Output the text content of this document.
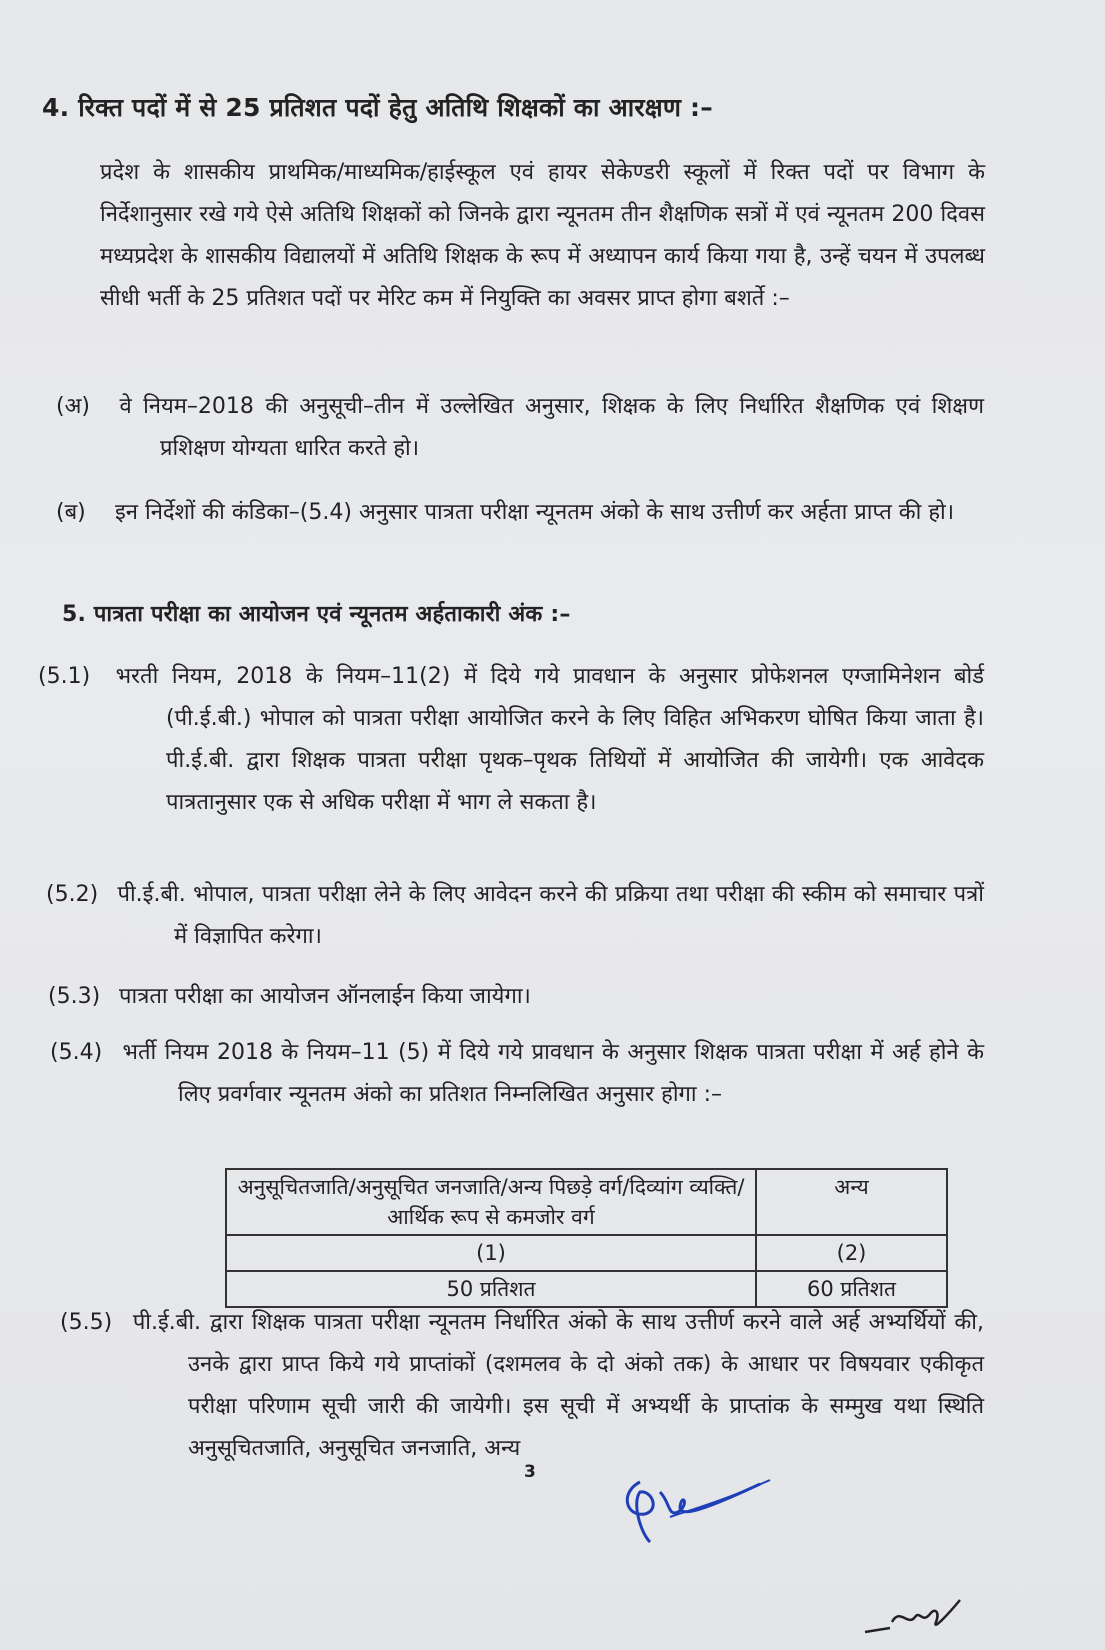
4. रिक्त पदों में से 25 प्रतिशत पदों हेतु अतिथि शिक्षकों का आरक्षण :–
प्रदेश के शासकीय प्राथमिक/माध्यमिक/हाईस्कूल एवं हायर सेकेण्डरी स्कूलों में रिक्त पदों पर विभाग के निर्देशानुसार रखे गये ऐसे अतिथि शिक्षकों को जिनके द्वारा न्यूनतम तीन शैक्षणिक सत्रों में एवं न्यूनतम 200 दिवस मध्यप्रदेश के शासकीय विद्यालयों में अतिथि शिक्षक के रूप में अध्यापन कार्य किया गया है, उन्हें चयन में उपलब्ध सीधी भर्ती के 25 प्रतिशत पदों पर मेरिट कम में नियुक्ति का अवसर प्राप्त होगा बशर्ते :–
(अ) वे नियम–2018 की अनुसूची–तीन में उल्लेखित अनुसार, शिक्षक के लिए निर्धारित शैक्षणिक एवं शिक्षण प्रशिक्षण योग्यता धारित करते हो।
(ब) इन निर्देशों की कंडिका–(5.4) अनुसार पात्रता परीक्षा न्यूनतम अंको के साथ उत्तीर्ण कर अर्हता प्राप्त की हो।
5. पात्रता परीक्षा का आयोजन एवं न्यूनतम अर्हताकारी अंक :–
(5.1) भरती नियम, 2018 के नियम–11(2) में दिये गये प्रावधान के अनुसार प्रोफेशनल एग्जामिनेशन बोर्ड (पी.ई.बी.) भोपाल को पात्रता परीक्षा आयोजित करने के लिए विहित अभिकरण घोषित किया जाता है। पी.ई.बी. द्वारा शिक्षक पात्रता परीक्षा पृथक–पृथक तिथियों में आयोजित की जायेगी। एक आवेदक पात्रतानुसार एक से अधिक परीक्षा में भाग ले सकता है।
(5.2) पी.ई.बी. भोपाल, पात्रता परीक्षा लेने के लिए आवेदन करने की प्रक्रिया तथा परीक्षा की स्कीम को समाचार पत्रों में विज्ञापित करेगा।
(5.3) पात्रता परीक्षा का आयोजन ऑनलाईन किया जायेगा।
(5.4) भर्ती नियम 2018 के नियम–11 (5) में दिये गये प्रावधान के अनुसार शिक्षक पात्रता परीक्षा में अर्ह होने के लिए प्रवर्गवार न्यूनतम अंको का प्रतिशत निम्नलिखित अनुसार होगा :–
अनुसूचितजाति/अनुसूचित जनजाति/अन्य पिछड़े वर्ग/दिव्यांग व्यक्ति/आर्थिक रूप से कमजोर वर्ग	अन्य
(1)	(2)
50 प्रतिशत	60 प्रतिशत
(5.5) पी.ई.बी. द्वारा शिक्षक पात्रता परीक्षा न्यूनतम निर्धारित अंको के साथ उत्तीर्ण करने वाले अर्ह अभ्यर्थियों की, उनके द्वारा प्राप्त किये गये प्राप्तांकों (दशमलव के दो अंको तक) के आधार पर विषयवार एकीकृत परीक्षा परिणाम सूची जारी की जायेगी। इस सूची में अभ्यर्थी के प्राप्तांक के सम्मुख यथा स्थिति अनुसूचितजाति, अनुसूचित जनजाति, अन्य
3
